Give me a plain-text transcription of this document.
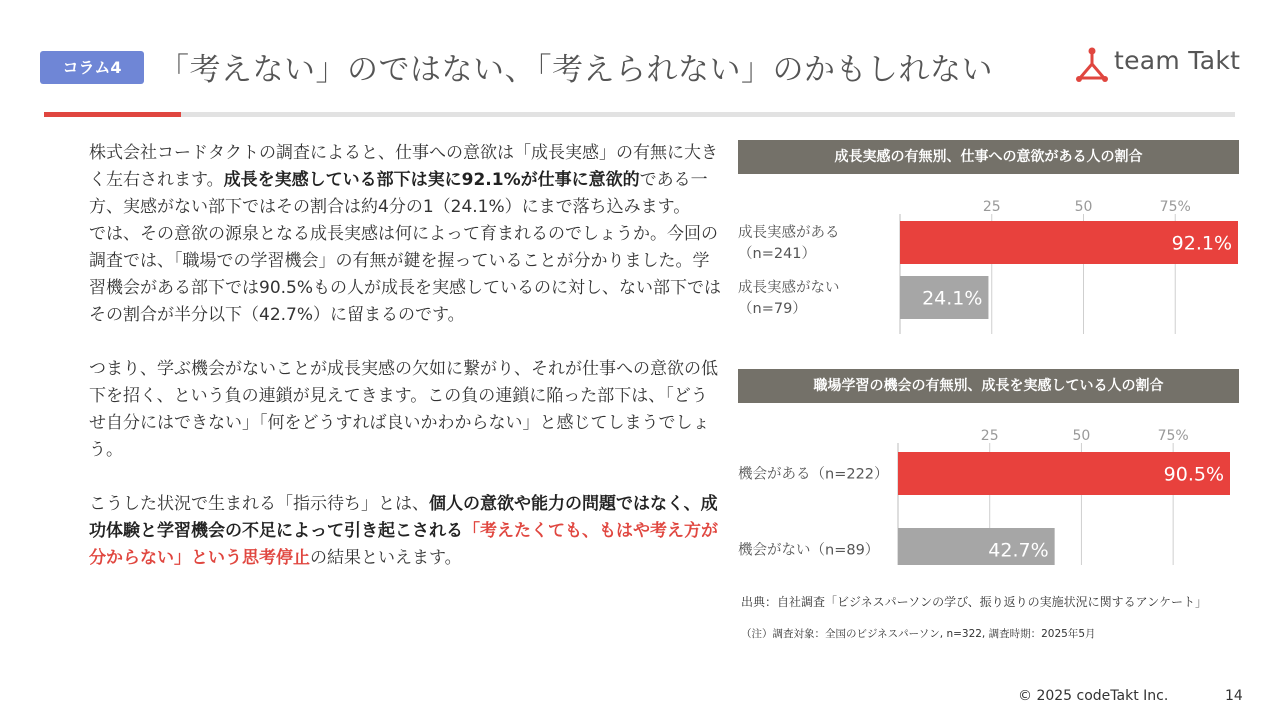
コラム4	「考えない」のではない、「考えられない」のかもしれない	team Takt

株式会社コードタクトの調査によると、仕事への意欲は「成長実感」の有無に大きく左右されます。成長を実感している部下は実に92.1%が仕事に意欲的である一方、実感がない部下ではその割合は約4分の1（24.1%）にまで落ち込みます。
では、その意欲の源泉となる成長実感は何によって育まれるのでしょうか。今回の調査では、「職場での学習機会」の有無が鍵を握っていることが分かりました。学習機会がある部下では90.5%もの人が成長を実感しているのに対し、ない部下ではその割合が半分以下（42.7%）に留まるのです。

つまり、学ぶ機会がないことが成長実感の欠如に繋がり、それが仕事への意欲の低下を招く、という負の連鎖が見えてきます。この負の連鎖に陥った部下は、「どうせ自分にはできない」「何をどうすれば良いかわからない」と感じてしまうでしょう。

こうした状況で生まれる「指示待ち」とは、個人の意欲や能力の問題ではなく、成功体験と学習機会の不足によって引き起こされる「考えたくても、もはや考え方が分からない」という思考停止の結果といえます。

成長実感の有無別、仕事への意欲がある人の割合
25	50	75%
92.1%
成長実感がある
（n=241）
24.1%
成長実感がない
（n=79）
職場学習の機会の有無別、成長を実感している人の割合
25	50	75%
90.5%
機会がある（n=222）
42.7%
機会がない（n=89）
出典：自社調査「ビジネスパーソンの学び、振り返りの実施状況に関するアンケート」
（注）調査対象：全国のビジネスパーソン, n=322, 調査時期：2025年5月
© 2025 codeTakt Inc.	14
